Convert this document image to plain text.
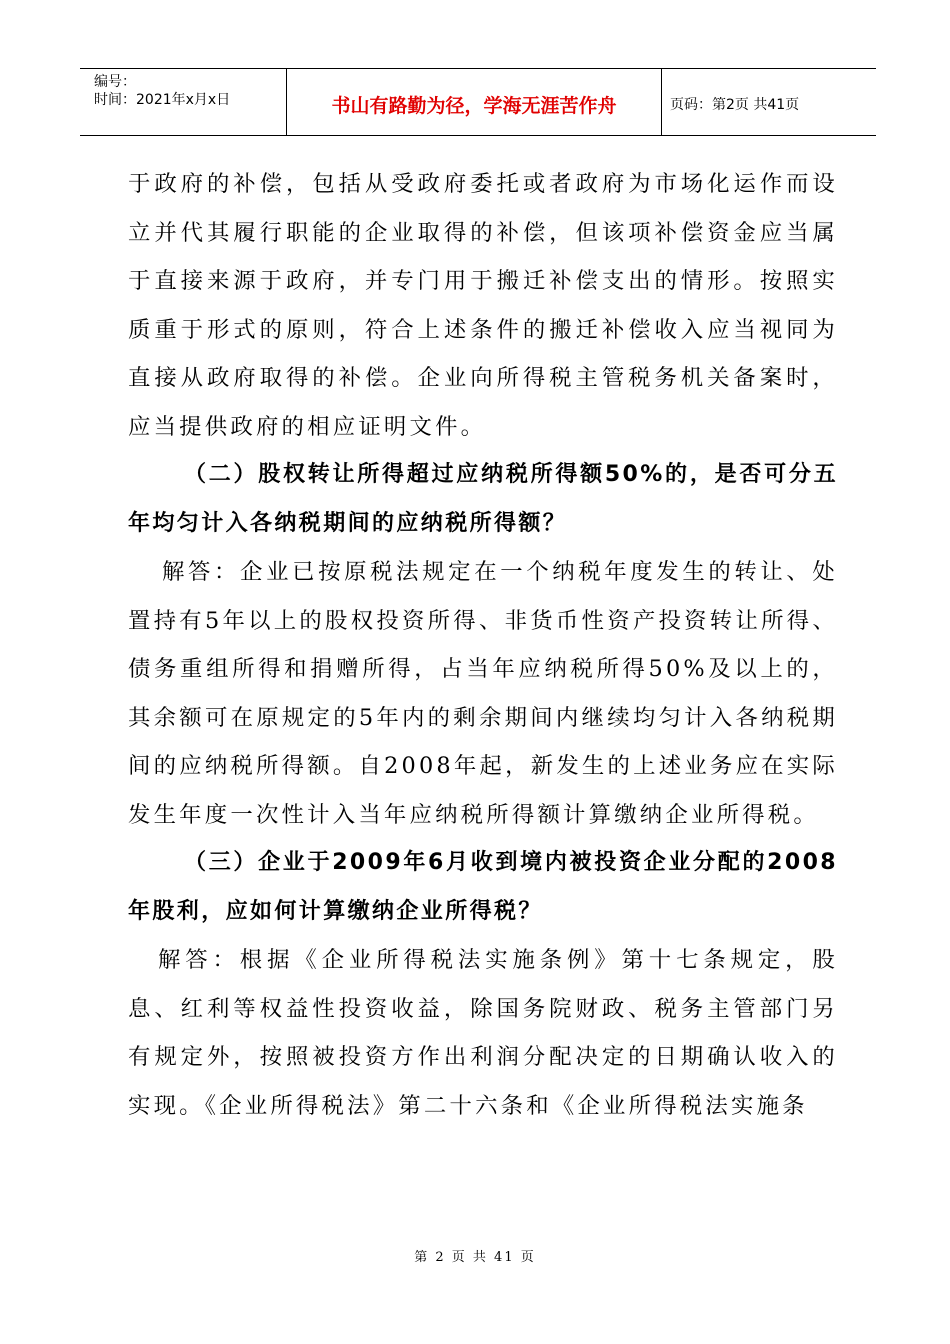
编号：
时间：2021年x月x日	书山有路勤为径，学海无涯苦作舟	页码：第2页 共41页

于政府的补偿，包括从受政府委托或者政府为市场化运作而设立并代其履行职能的企业取得的补偿，但该项补偿资金应当属于直接来源于政府，并专门用于搬迁补偿支出的情形。按照实质重于形式的原则，符合上述条件的搬迁补偿收入应当视同为直接从政府取得的补偿。企业向所得税主管税务机关备案时，应当提供政府的相应证明文件。

（二）股权转让所得超过应纳税所得额50%的，是否可分五年均匀计入各纳税期间的应纳税所得额？

解答：企业已按原税法规定在一个纳税年度发生的转让、处置持有5年以上的股权投资所得、非货币性资产投资转让所得、债务重组所得和捐赠所得，占当年应纳税所得50%及以上的，其余额可在原规定的5年内的剩余期间内继续均匀计入各纳税期间的应纳税所得额。自2008年起，新发生的上述业务应在实际发生年度一次性计入当年应纳税所得额计算缴纳企业所得税。

（三）企业于2009年6月收到境内被投资企业分配的2008年股利，应如何计算缴纳企业所得税？

解答：根据《企业所得税法实施条例》第十七条规定，股息、红利等权益性投资收益，除国务院财政、税务主管部门另有规定外，按照被投资方作出利润分配决定的日期确认收入的实现。《企业所得税法》第二十六条和《企业所得税法实施条

第 2 页 共 41 页
